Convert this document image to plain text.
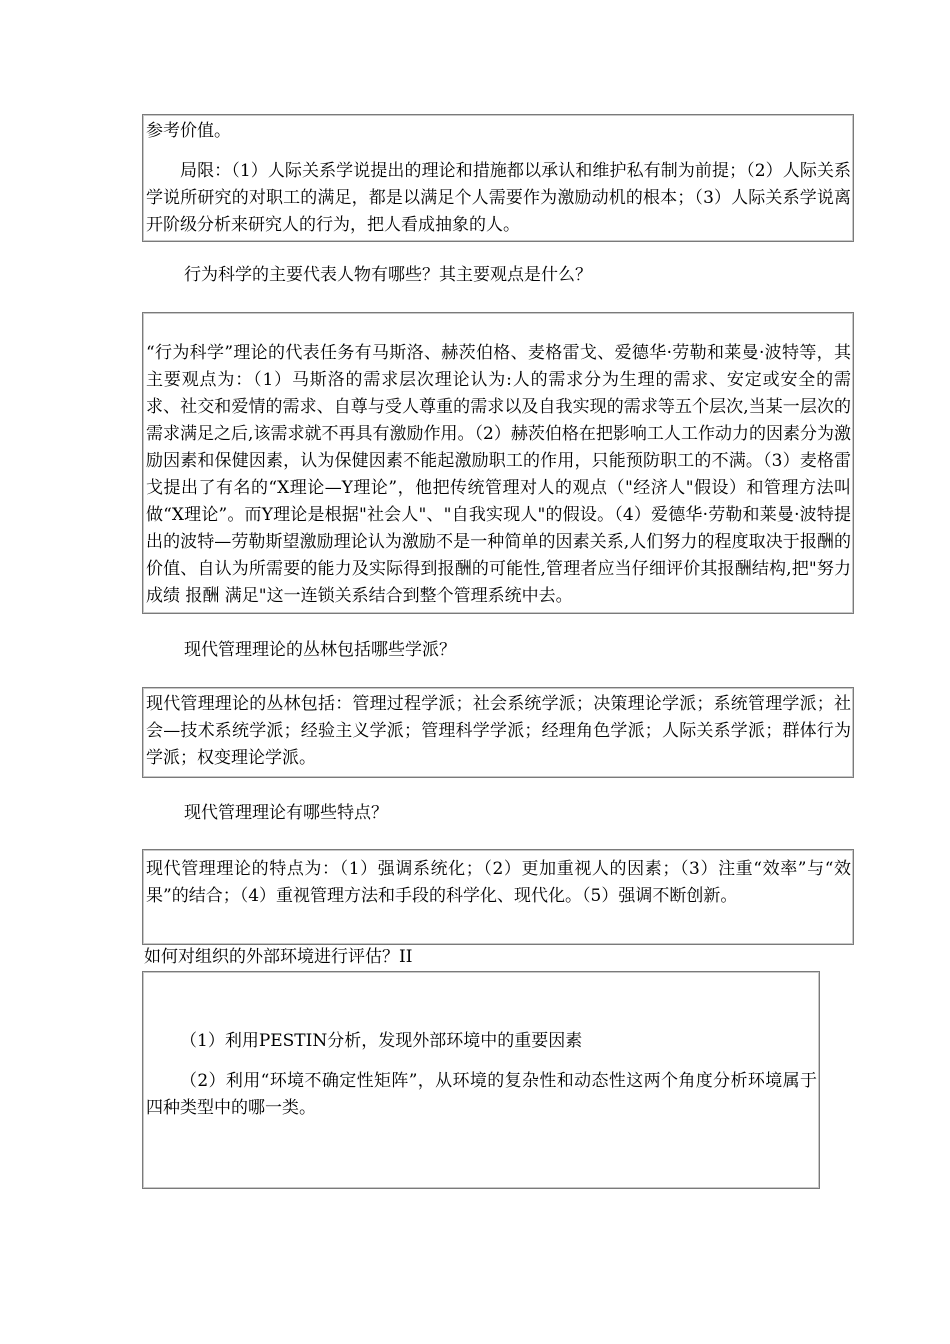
参考价值。

局限：（1）人际关系学说提出的理论和措施都以承认和维护私有制为前提；（2）人际关系学说所研究的对职工的满足，都是以满足个人需要作为激励动机的根本；（3）人际关系学说离开阶级分析来研究人的行为，把人看成抽象的人。

行为科学的主要代表人物有哪些？其主要观点是什么？

“行为科学”理论的代表任务有马斯洛、赫茨伯格、麦格雷戈、爱德华·劳勒和莱曼·波特等，其主要观点为：（1）马斯洛的需求层次理论认为:人的需求分为生理的需求、安定或安全的需求、社交和爱情的需求、自尊与受人尊重的需求以及自我实现的需求等五个层次,当某一层次的需求满足之后,该需求就不再具有激励作用。（2）赫茨伯格在把影响工人工作动力的因素分为激励因素和保健因素，认为保健因素不能起激励职工的作用，只能预防职工的不满。（3）麦格雷戈提出了有名的“X理论—Y理论”，他把传统管理对人的观点（"经济人"假设）和管理方法叫做“X理论”。而Y理论是根据"社会人"、"自我实现人"的假设。（4）爱德华·劳勒和莱曼·波特提出的波特—劳勒斯望激励理论认为激励不是一种简单的因素关系,人们努力的程度取决于报酬的价值、自认为所需要的能力及实际得到报酬的可能性,管理者应当仔细评价其报酬结构,把"努力 成绩 报酬 满足"这一连锁关系结合到整个管理系统中去。

现代管理理论的丛林包括哪些学派？

现代管理理论的丛林包括：管理过程学派；社会系统学派；决策理论学派；系统管理学派；社会—技术系统学派；经验主义学派；管理科学学派；经理角色学派；人际关系学派；群体行为学派；权变理论学派。

现代管理理论有哪些特点？

现代管理理论的特点为：（1）强调系统化；（2）更加重视人的因素；（3）注重“效率”与“效果”的结合；（4）重视管理方法和手段的科学化、现代化。（5）强调不断创新。

如何对组织的外部环境进行评估？II

（1）利用PESTIN分析，发现外部环境中的重要因素

（2）利用“环境不确定性矩阵”，从环境的复杂性和动态性这两个角度分析环境属于四种类型中的哪一类。
